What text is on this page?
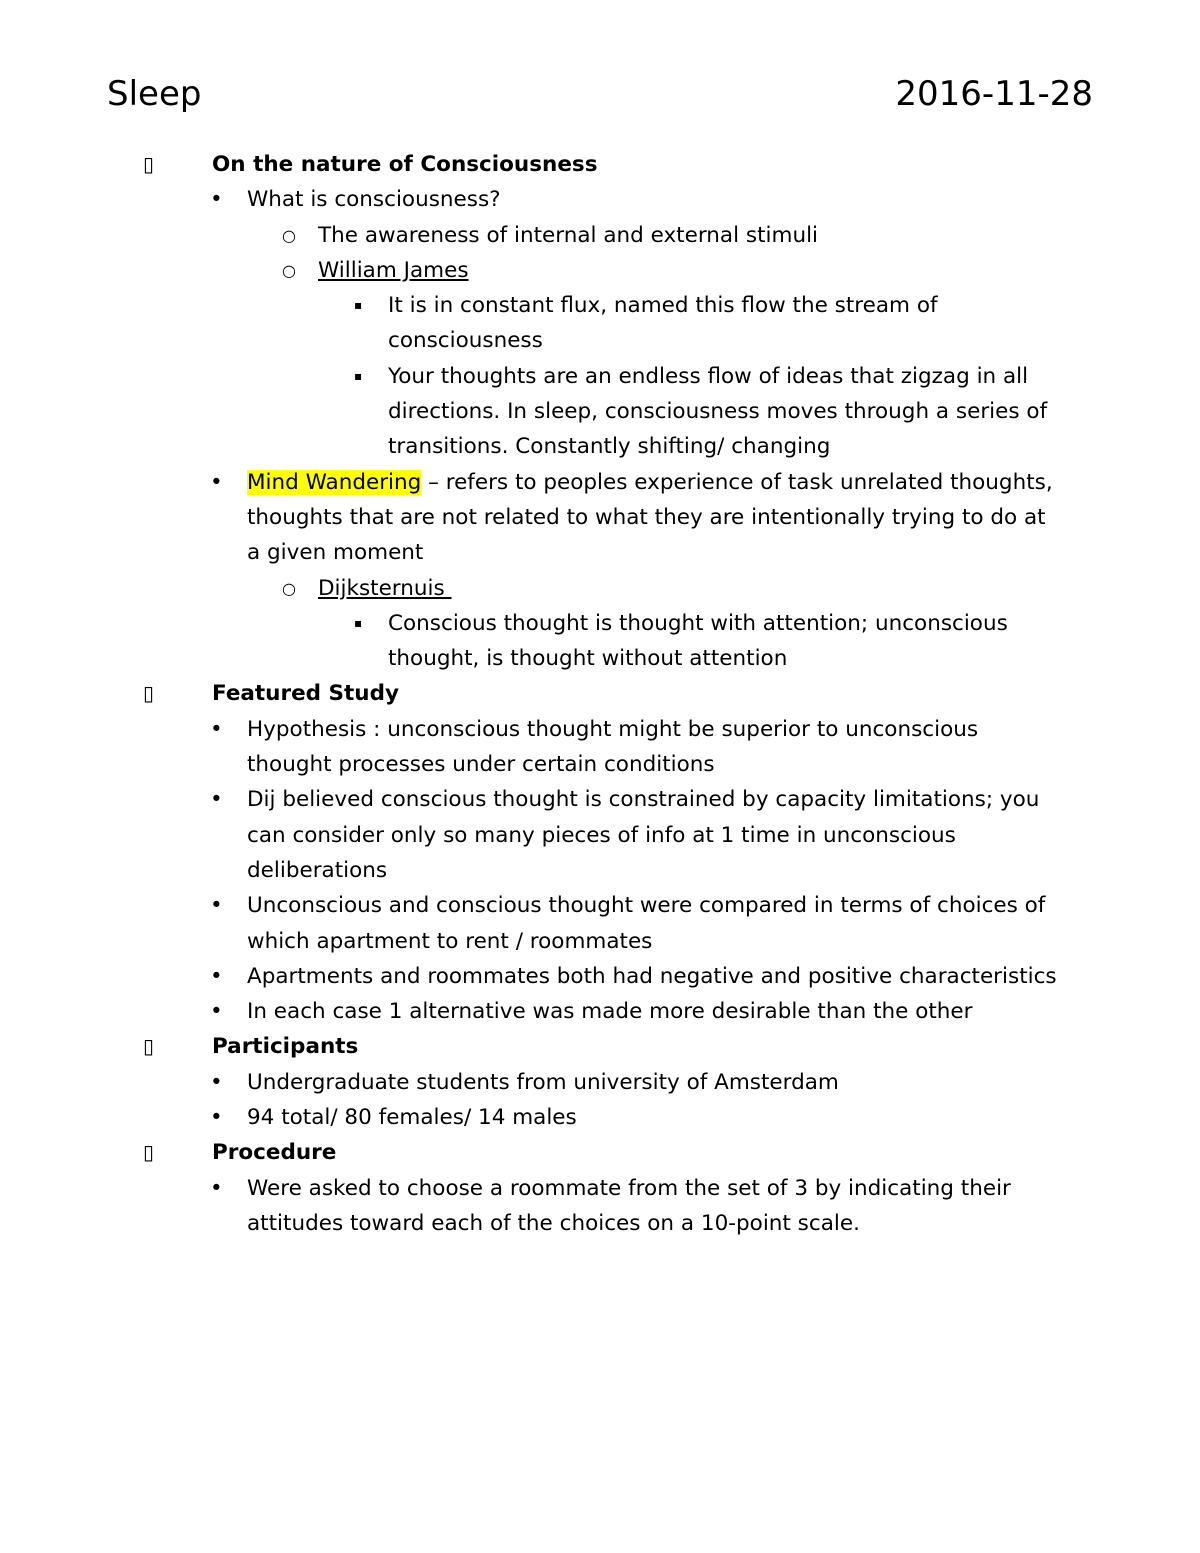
Sleep	2016-11-28
▯	On the nature of Consciousness
• What is consciousness?
○ The awareness of internal and external stimuli
○ William James
▪ It is in constant flux, named this flow the stream of consciousness
▪ Your thoughts are an endless flow of ideas that zigzag in all directions. In sleep, consciousness moves through a series of transitions. Constantly shifting/ changing
• Mind Wandering – refers to peoples experience of task unrelated thoughts, thoughts that are not related to what they are intentionally trying to do at a given moment
○ Dijksternuis
▪ Conscious thought is thought with attention; unconscious thought, is thought without attention
▯	Featured Study
• Hypothesis : unconscious thought might be superior to unconscious thought processes under certain conditions
• Dij believed conscious thought is constrained by capacity limitations; you can consider only so many pieces of info at 1 time in unconscious deliberations
• Unconscious and conscious thought were compared in terms of choices of which apartment to rent / roommates
• Apartments and roommates both had negative and positive characteristics
• In each case 1 alternative was made more desirable than the other
▯	Participants
• Undergraduate students from university of Amsterdam
• 94 total/ 80 females/ 14 males
▯	Procedure
• Were asked to choose a roommate from the set of 3 by indicating their attitudes toward each of the choices on a 10-point scale.
